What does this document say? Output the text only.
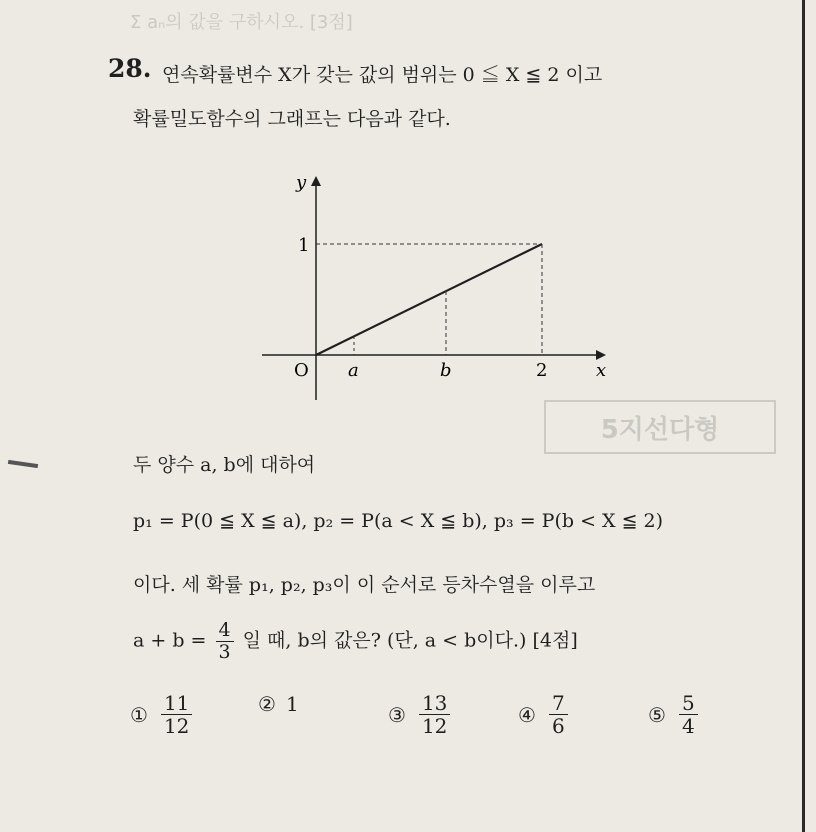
Σ aₙ의 값을 구하시오. [3점]
5지선다형
28. 연속확률변수 X가 갖는 값의 범위는 0 ≦ X ≦ 2 이고
확률밀도함수의 그래프는 다음과 같다.
y
x
O
1
a	b	2
두 양수 a, b에 대하여
p₁ = P(0 ≦ X ≦ a), p₂ = P(a < X ≦ b), p₃ = P(b < X ≦ 2)
이다. 세 확률 p₁, p₂, p₃이 이 순서로 등차수열을 이루고
$a + b = \frac{4}{3}$ 일 때, b의 값은? (단, a < b이다.) [4점]
① $\frac{11}{12}$	② 1	③ $\frac{13}{12}$	④ $\frac{7}{6}$	⑤ $\frac{5}{4}$
